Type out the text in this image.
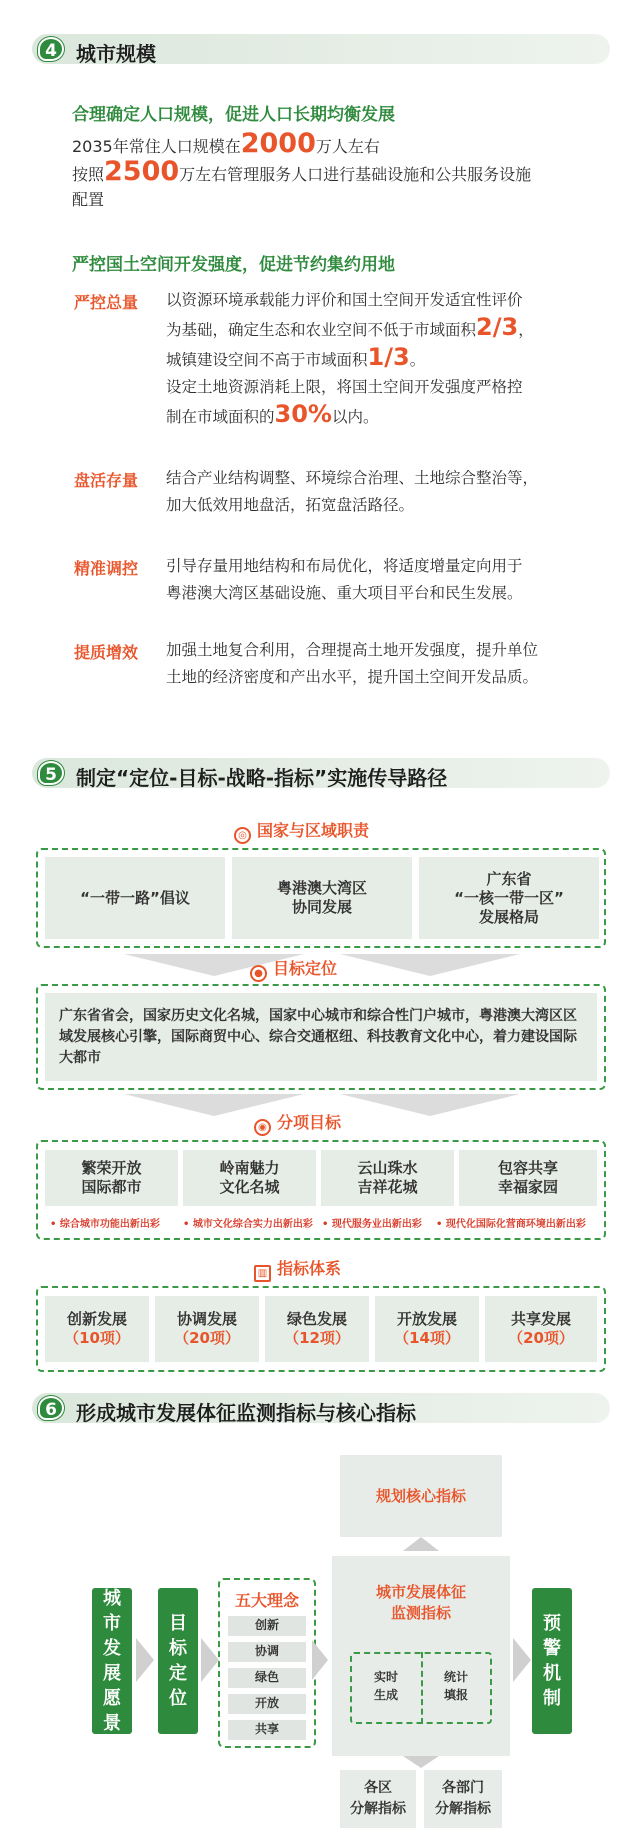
4 城市规模
合理确定人口规模，促进人口长期均衡发展
2035年常住人口规模在2000万人左右
按照2500万左右管理服务人口进行基础设施和公共服务设施
配置
严控国土空间开发强度，促进节约集约用地
严控总量 以资源环境承载能力评价和国土空间开发适宜性评价
为基础，确定生态和农业空间不低于市域面积2/3，
城镇建设空间不高于市域面积1/3。
设定土地资源消耗上限，将国土空间开发强度严格控
制在市域面积的30%以内。
盘活存量 结合产业结构调整、环境综合治理、土地综合整治等，
加大低效用地盘活，拓宽盘活路径。
精准调控 引导存量用地结构和布局优化，将适度增量定向用于
粤港澳大湾区基础设施、重大项目平台和民生发展。
提质增效 加强土地复合利用，合理提高土地开发强度，提升单位
土地的经济密度和产出水平，提升国土空间开发品质。
5 制定“定位-目标-战略-指标”实施传导路径
◎ 国家与区域职责
“一带一路”倡议
粤港澳大湾区
协同发展
广东省
“一核一带一区”
发展格局
● 目标定位
广东省省会，国家历史文化名城，国家中心城市和综合性门户城市，粤港澳大湾区区域发展核心引擎，国际商贸中心、综合交通枢纽、科技教育文化中心，着力建设国际大都市
◉ 分项目标
繁荣开放
国际都市
岭南魅力
文化名城
云山珠水
吉祥花城
包容共享
幸福家园
• 综合城市功能出新出彩 • 城市文化综合实力出新出彩 • 现代服务业出新出彩 • 现代化国际化营商环境出新出彩
▥ 指标体系
创新发展
（10项）
协调发展
（20项）
绿色发展
（12项）
开放发展
（14项）
共享发展
（20项）
6 形成城市发展体征监测指标与核心指标
规划核心指标
城市发展愿景
目标定位
五大理念
创新
协调
绿色
开放
共享
城市发展体征
监测指标
实时
生成
统计
填报
预警机制
各区
分解指标
各部门
分解指标
